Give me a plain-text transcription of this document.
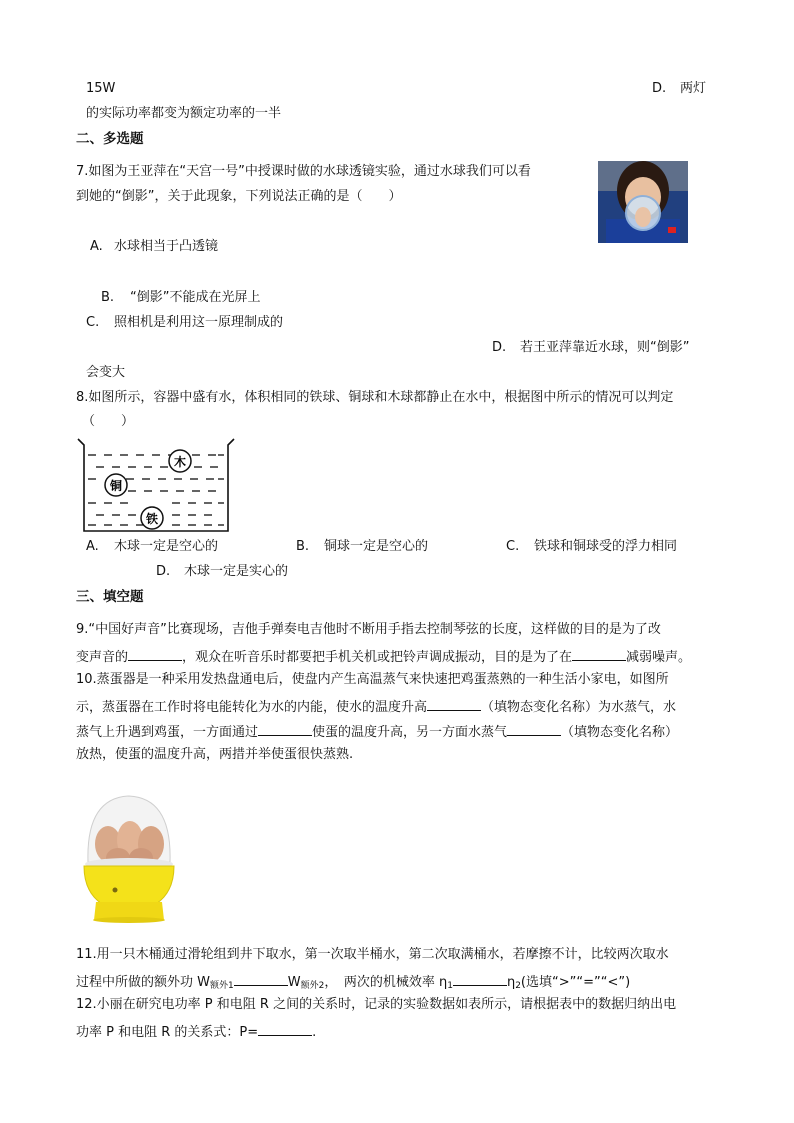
15W	D. 两灯
的实际功率都变为额定功率的一半
二、多选题
7.如图为王亚萍在“天宫一号”中授课时做的水球透镜实验，通过水球我们可以看
到她的“倒影”，关于此现象，下列说法正确的是（　　）
A. 水球相当于凸透镜
B. “倒影”不能成在光屏上
C. 照相机是利用这一原理制成的
D. 若王亚萍靠近水球，则“倒影”
会变大
8.如图所示，容器中盛有水，体积相同的铁球、铜球和木球都静止在水中，根据图中所示的情况可以判定
（　　）
木
铜
铁
A. 木球一定是空心的	B. 铜球一定是空心的	C. 铁球和铜球受的浮力相同
D. 木球一定是实心的
三、填空题
9.“中国好声音”比赛现场，吉他手弹奏电吉他时不断用手指去控制琴弦的长度，这样做的目的是为了改
变声音的	，观众在听音乐时都要把手机关机或把铃声调成振动，目的是为了在	减弱噪声。
10.蒸蛋器是一种采用发热盘通电后，使盘内产生高温蒸气来快速把鸡蛋蒸熟的一种生活小家电，如图所
示，蒸蛋器在工作时将电能转化为水的内能，使水的温度升高	（填物态变化名称）为水蒸气，水
蒸气上升遇到鸡蛋，一方面通过	使蛋的温度升高，另一方面水蒸气	（填物态变化名称）
放热，使蛋的温度升高，两措并举使蛋很快蒸熟.
11.用一只木桶通过滑轮组到井下取水，第一次取半桶水，第二次取满桶水，若摩擦不计，比较两次取水
过程中所做的额外功 $W_{额外1}$	$W_{额外2}$，　两次的机械效率 $\eta_1$	$\eta_2$(选填“>”“=”“<”)
12.小丽在研究电功率 P 和电阻 R 之间的关系时，记录的实验数据如表所示，请根据表中的数据归纳出电
功率 P 和电阻 R 的关系式：P=	.
